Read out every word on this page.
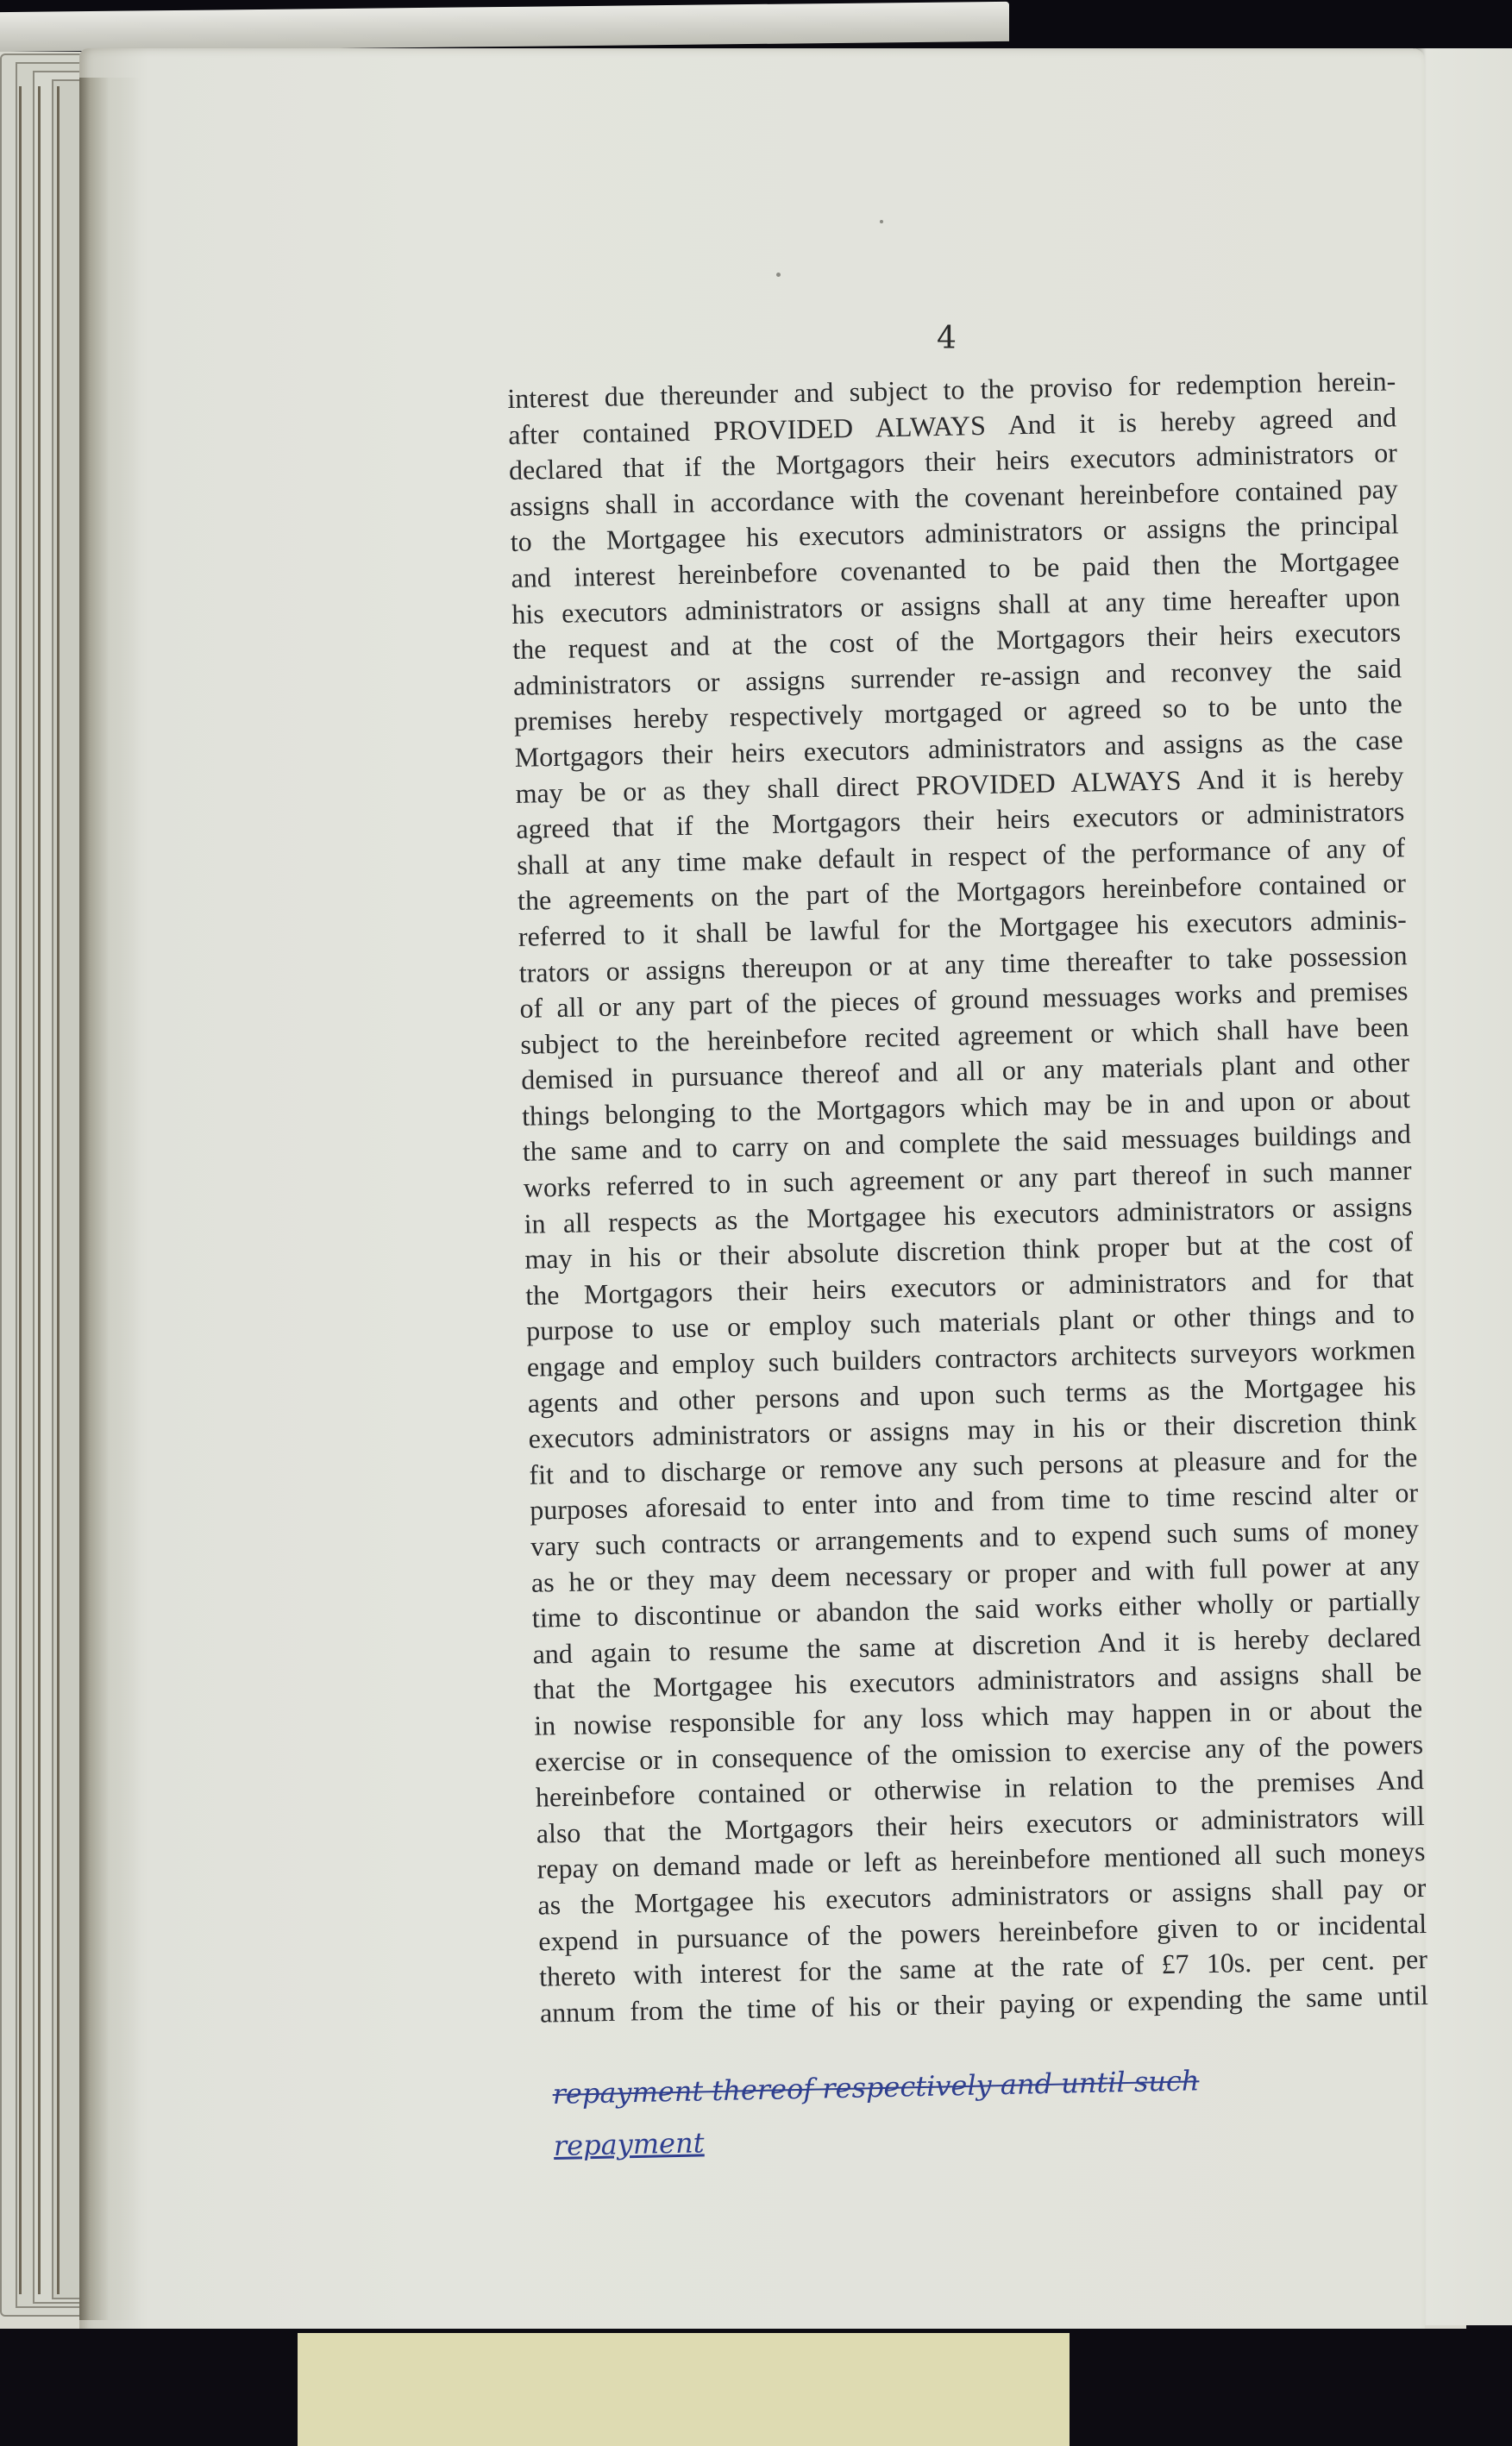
4
interest due thereunder and subject to the proviso for redemption herein-
after contained PROVIDED ALWAYS And it is hereby agreed and
declared that if the Mortgagors their heirs executors administrators or
assigns shall in accordance with the covenant hereinbefore contained pay
to the Mortgagee his executors administrators or assigns the principal
and interest hereinbefore covenanted to be paid then the Mortgagee
his executors administrators or assigns shall at any time hereafter upon
the request and at the cost of the Mortgagors their heirs executors
administrators or assigns surrender re-assign and reconvey the said
premises hereby respectively mortgaged or agreed so to be unto the
Mortgagors their heirs executors administrators and assigns as the case
may be or as they shall direct PROVIDED ALWAYS And it is hereby
agreed that if the Mortgagors their heirs executors or administrators
shall at any time make default in respect of the performance of any of
the agreements on the part of the Mortgagors hereinbefore contained or
referred to it shall be lawful for the Mortgagee his executors adminis-
trators or assigns thereupon or at any time thereafter to take possession
of all or any part of the pieces of ground messuages works and premises
subject to the hereinbefore recited agreement or which shall have been
demised in pursuance thereof and all or any materials plant and other
things belonging to the Mortgagors which may be in and upon or about
the same and to carry on and complete the said messuages buildings and
works referred to in such agreement or any part thereof in such manner
in all respects as the Mortgagee his executors administrators or assigns
may in his or their absolute discretion think proper but at the cost of
the Mortgagors their heirs executors or administrators and for that
purpose to use or employ such materials plant or other things and to
engage and employ such builders contractors architects surveyors workmen
agents and other persons and upon such terms as the Mortgagee his
executors administrators or assigns may in his or their discretion think
fit and to discharge or remove any such persons at pleasure and for the
purposes aforesaid to enter into and from time to time rescind alter or
vary such contracts or arrangements and to expend such sums of money
as he or they may deem necessary or proper and with full power at any
time to discontinue or abandon the said works either wholly or partially
and again to resume the same at discretion And it is hereby declared
that the Mortgagee his executors administrators and assigns shall be
in nowise responsible for any loss which may happen in or about the
exercise or in consequence of the omission to exercise any of the powers
hereinbefore contained or otherwise in relation to the premises And
also that the Mortgagors their heirs executors or administrators will
repay on demand made or left as hereinbefore mentioned all such moneys
as the Mortgagee his executors administrators or assigns shall pay or
expend in pursuance of the powers hereinbefore given to or incidental
thereto with interest for the same at the rate of £7 10s. per cent. per
annum from the time of his or their paying or expending the same until
repayment thereof respectively and until such
repayment
